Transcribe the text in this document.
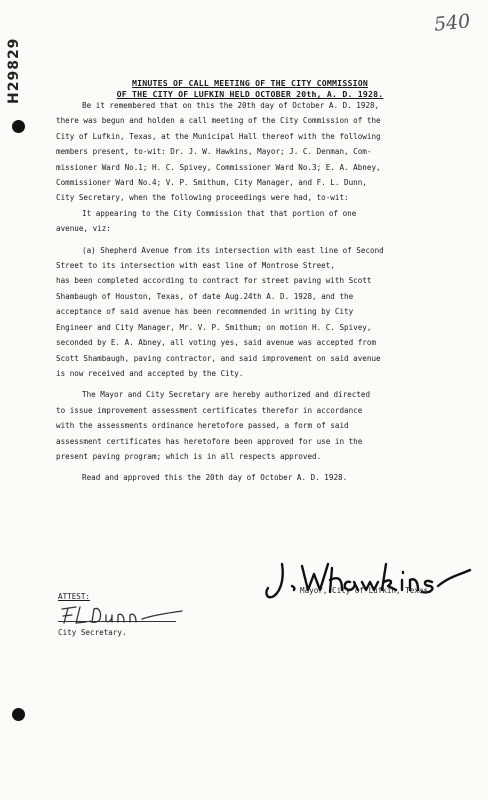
H29829
540
MINUTES OF CALL MEETING OF THE CITY COMMISSION
OF THE CITY OF LUFKIN HELD OCTOBER 20th, A. D. 1928.

Be it remembered that on this the 20th day of October A. D. 1928,

there was begun and holden a call meeting of the City Commission of the

City of Lufkin, Texas, at the Municipal Hall thereof with the following

members present, to-wit: Dr. J. W. Hawkins, Mayor; J. C. Denman, Com-

missioner Ward No.1; H. C. Spivey, Commissioner Ward No.3; E. A. Abney,

Commissioner Ward No.4; V. P. Smithum, City Manager, and F. L. Dunn,

City Secretary, when the following proceedings were had, to-wit:

It appearing to the City Commission that that portion of one

avenue, viz:

(a) Shepherd Avenue from its intersection with east line of Second

Street to its intersection with east line of Montrose Street,

has been completed according to contract for street paving with Scott

Shambaugh of Houston, Texas, of date Aug.24th A. D. 1928, and the

acceptance of said avenue has been recommended in writing by City

Engineer and City Manager, Mr. V. P. Smithum; on motion H. C. Spivey,

seconded by E. A. Abney, all voting yes, said avenue was accepted from

Scott Shambaugh, paving contractor, and said improvement on said avenue

is now received and accepted by the City.

The Mayor and City Secretary are hereby authorized and directed

to issue improvement assessment certificates therefor in accordance

with the assessments ordinance heretofore passed, a form of said

assessment certificates has heretofore been approved for use in the

present paving program; which is in all respects approved.

Read and approved this the 20th day of October A. D. 1928.

Mayor, City of Lufkin, Texas.
ATTEST:
City Secretary.
